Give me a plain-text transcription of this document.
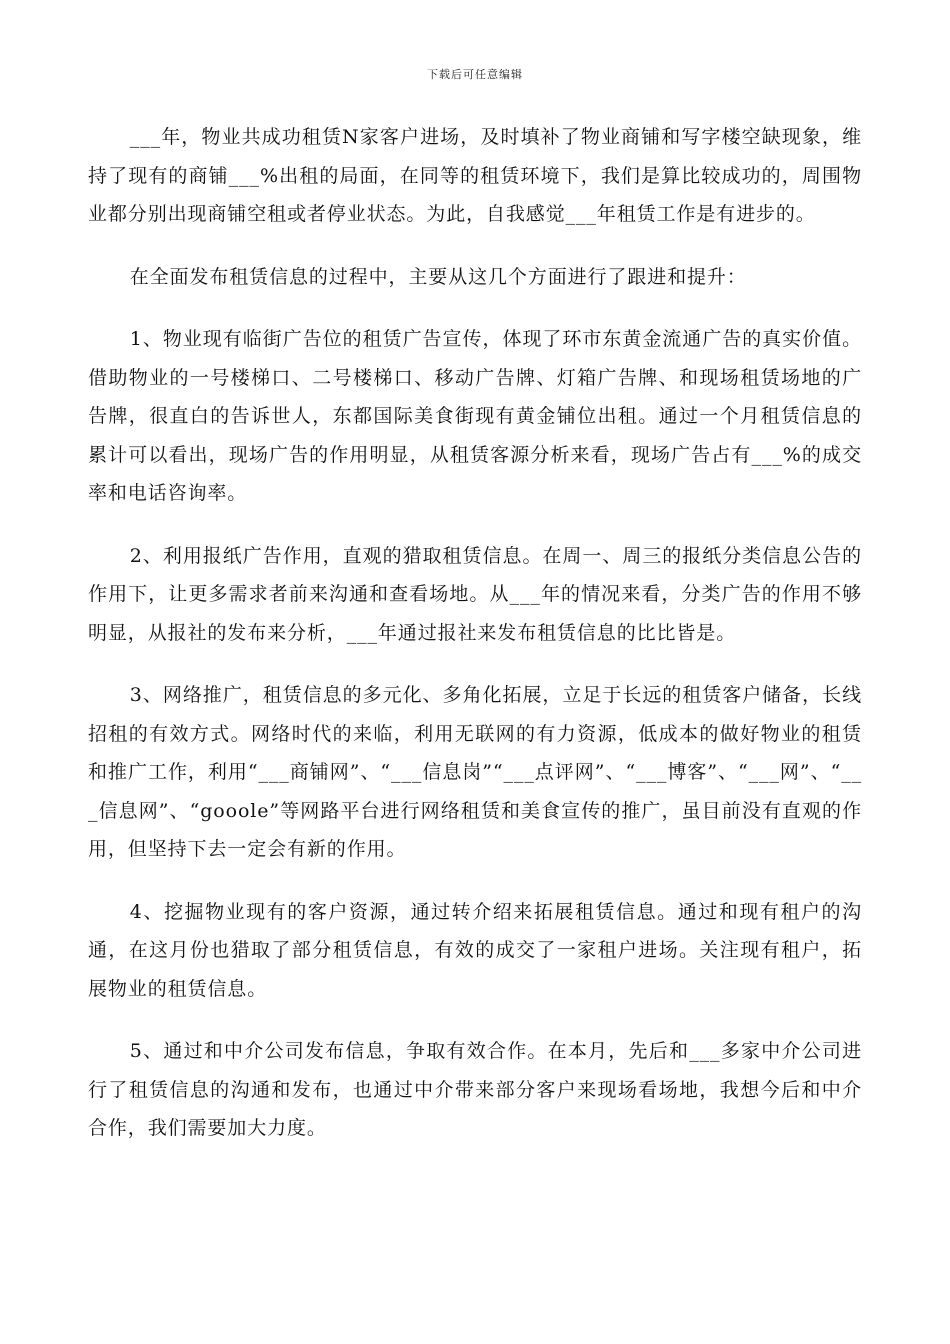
下载后可任意编辑

___年，物业共成功租赁N家客户进场，及时填补了物业商铺和写字楼空缺现象，维持了现有的商铺___%出租的局面，在同等的租赁环境下，我们是算比较成功的，周围物业都分别出现商铺空租或者停业状态。为此，自我感觉___年租赁工作是有进步的。

在全面发布租赁信息的过程中，主要从这几个方面进行了跟进和提升：

1、物业现有临街广告位的租赁广告宣传，体现了环市东黄金流通广告的真实价值。借助物业的一号楼梯口、二号楼梯口、移动广告牌、灯箱广告牌、和现场租赁场地的广告牌，很直白的告诉世人，东都国际美食街现有黄金铺位出租。通过一个月租赁信息的累计可以看出，现场广告的作用明显，从租赁客源分析来看，现场广告占有___%的成交率和电话咨询率。

2、利用报纸广告作用，直观的猎取租赁信息。在周一、周三的报纸分类信息公告的作用下，让更多需求者前来沟通和查看场地。从___年的情况来看，分类广告的作用不够明显，从报社的发布来分析，___年通过报社来发布租赁信息的比比皆是。

3、网络推广，租赁信息的多元化、多角化拓展，立足于长远的租赁客户储备，长线招租的有效方式。网络时代的来临，利用无联网的有力资源，低成本的做好物业的租赁和推广工作，利用“___商铺网”、“___信息岗”“___点评网”、“___博客”、“___网”、“___信息网”、“gooole”等网路平台进行网络租赁和美食宣传的推广，虽目前没有直观的作用，但坚持下去一定会有新的作用。

4、挖掘物业现有的客户资源，通过转介绍来拓展租赁信息。通过和现有租户的沟通，在这月份也猎取了部分租赁信息，有效的成交了一家租户进场。关注现有租户，拓展物业的租赁信息。

5、通过和中介公司发布信息，争取有效合作。在本月，先后和___多家中介公司进行了租赁信息的沟通和发布，也通过中介带来部分客户来现场看场地，我想今后和中介合作，我们需要加大力度。
